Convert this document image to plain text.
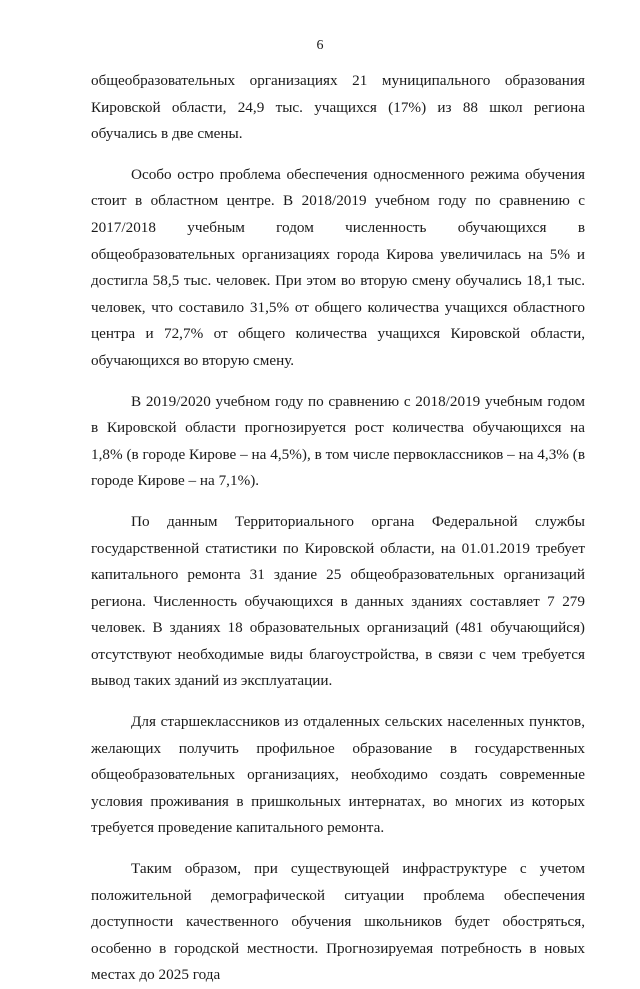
6

общеобразовательных организациях 21 муниципального образования Кировской области, 24,9 тыс. учащихся (17%) из 88 школ региона обучались в две смены.

Особо остро проблема обеспечения односменного режима обучения стоит в областном центре. В 2018/2019 учебном году по сравнению с 2017/2018 учебным годом численность обучающихся в общеобразовательных организациях города Кирова увеличилась на 5% и достигла 58,5 тыс. человек. При этом во вторую смену обучались 18,1 тыс. человек, что составило 31,5% от общего количества учащихся областного центра и 72,7% от общего количества учащихся Кировской области, обучающихся во вторую смену.

В 2019/2020 учебном году по сравнению с 2018/2019 учебным годом в Кировской области прогнозируется рост количества обучающихся на 1,8% (в городе Кирове – на 4,5%), в том числе первоклассников – на 4,3% (в городе Кирове – на 7,1%).

По данным Территориального органа Федеральной службы государственной статистики по Кировской области, на 01.01.2019 требует капитального ремонта 31 здание 25 общеобразовательных организаций региона. Численность обучающихся в данных зданиях составляет 7 279 человек. В зданиях 18 образовательных организаций (481 обучающийся) отсутствуют необходимые виды благоустройства, в связи с чем требуется вывод таких зданий из эксплуатации.

Для старшеклассников из отдаленных сельских населенных пунктов, желающих получить профильное образование в государственных общеобразовательных организациях, необходимо создать современные условия проживания в пришкольных интернатах, во многих из которых требуется проведение капитального ремонта.

Таким образом, при существующей инфраструктуре с учетом положительной демографической ситуации проблема обеспечения доступности качественного обучения школьников будет обостряться, особенно в городской местности. Прогнозируемая потребность в новых местах до 2025 года
